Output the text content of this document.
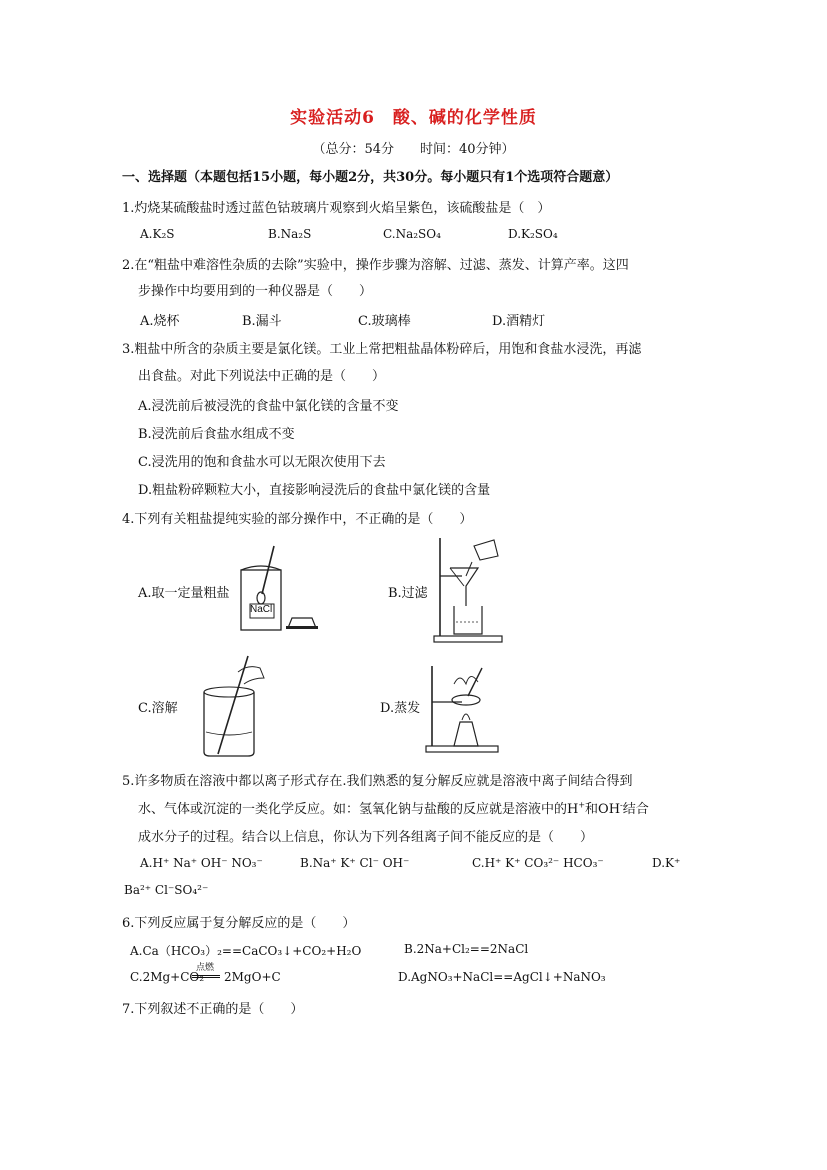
实验活动6　酸、碱的化学性质
（总分：54分　　时间：40分钟）
一、选择题（本题包括15小题，每小题2分，共30分。每小题只有1个选项符合题意）
1.灼烧某硫酸盐时透过蓝色钴玻璃片观察到火焰呈紫色，该硫酸盐是（　）
A.K₂S	B.Na₂S	C.Na₂SO₄	D.K₂SO₄
2.在“粗盐中难溶性杂质的去除”实验中，操作步骤为溶解、过滤、蒸发、计算产率。这四
步操作中均要用到的一种仪器是（　　）
A.烧杯	B.漏斗	C.玻璃棒	D.酒精灯
3.粗盐中所含的杂质主要是氯化镁。工业上常把粗盐晶体粉碎后，用饱和食盐水浸洗，再滤
出食盐。对此下列说法中正确的是（　　）
A.浸洗前后被浸洗的食盐中氯化镁的含量不变
B.浸洗前后食盐水组成不变
C.浸洗用的饱和食盐水可以无限次使用下去
D.粗盐粉碎颗粒大小，直接影响浸洗后的食盐中氯化镁的含量
4.下列有关粗盐提纯实验的部分操作中，不正确的是（　　）
A.取一定量粗盐
NaCl
B.过滤
C.溶解	D.蒸发
5.许多物质在溶液中都以离子形式存在.我们熟悉的复分解反应就是溶液中离子间结合得到
水、气体或沉淀的一类化学反应。如：氢氧化钠与盐酸的反应就是溶液中的H+和OH-结合
成水分子的过程。结合以上信息，你认为下列各组离子间不能反应的是（　　）
A.H⁺ Na⁺ OH⁻ NO₃⁻	B.Na⁺ K⁺ Cl⁻ OH⁻	C.H⁺ K⁺ CO₃²⁻ HCO₃⁻	D.K⁺
Ba²⁺ Cl⁻SO₄²⁻
6.下列反应属于复分解反应的是（　　）
A.Ca（HCO₃）₂==CaCO₃↓+CO₂+H₂O	B.2Na+Cl₂==2NaCl
C.2Mg+CO₂
点燃
2MgO+C	D.AgNO₃+NaCl==AgCl↓+NaNO₃
7.下列叙述不正确的是（　　）
